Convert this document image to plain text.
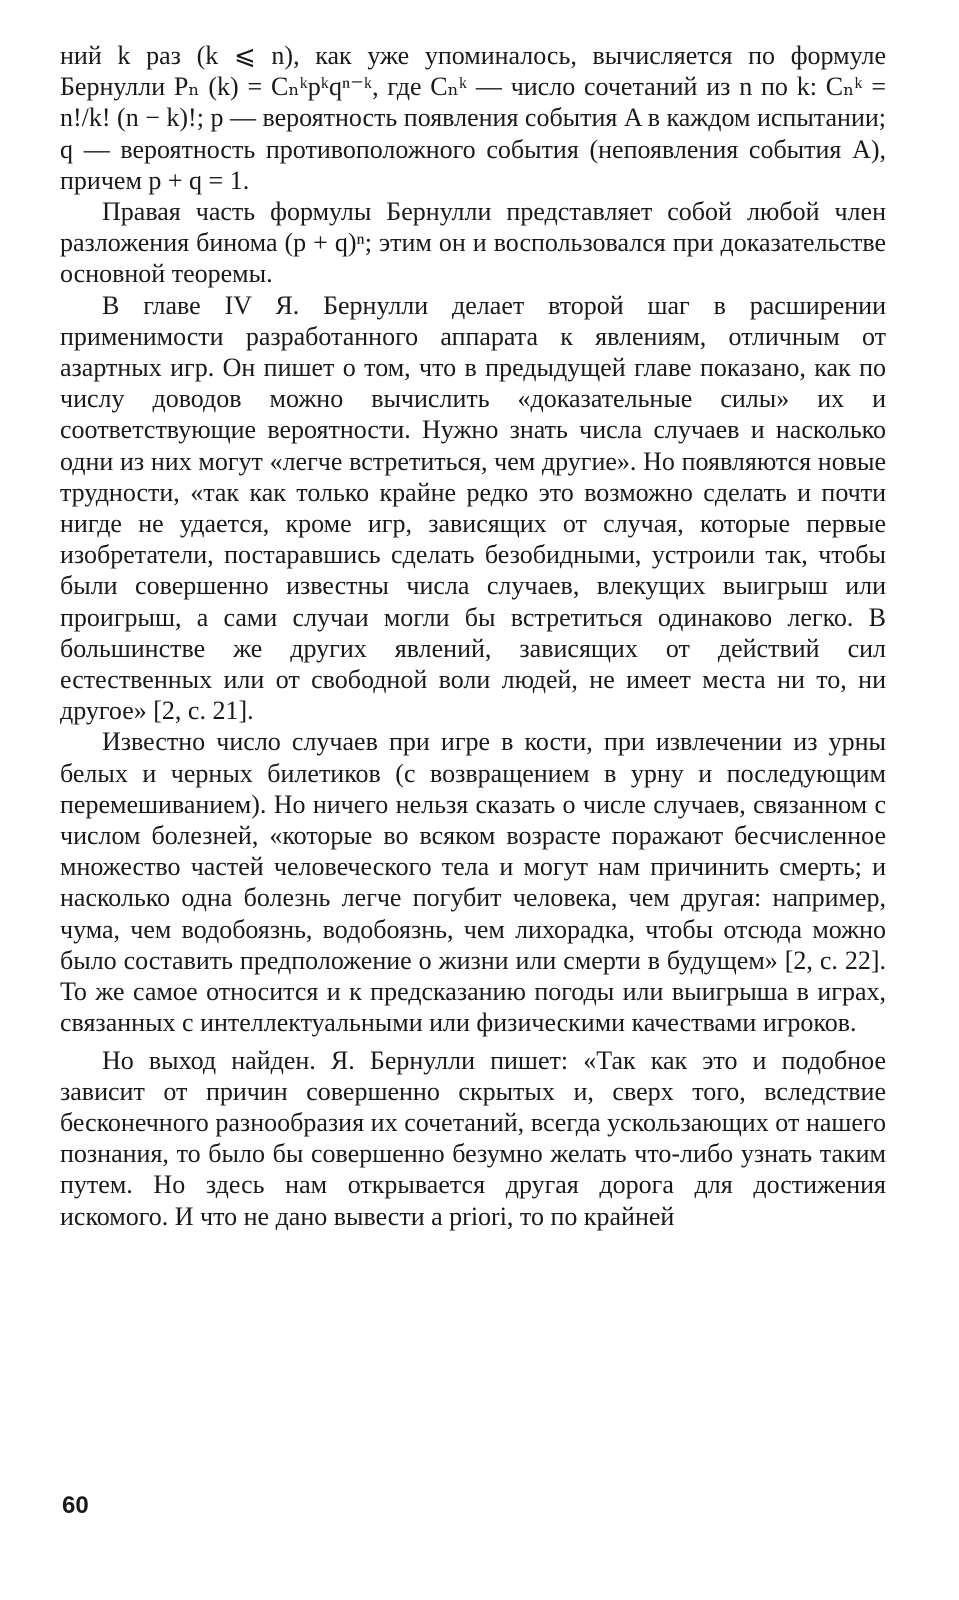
ний k раз (k ⩽ n), как уже упоминалось, вычисляется по формуле Бернулли Pₙ (k) = Cₙᵏpᵏqⁿ⁻ᵏ, где Cₙᵏ — число сочетаний из n по k: Cₙᵏ = n!/k! (n − k)!; p — вероятность появления события A в каждом испытании; q — вероятность противоположного события (непоявления события A), причем p + q = 1.

Правая часть формулы Бернулли представляет собой любой член разложения бинома (p + q)ⁿ; этим он и воспользовался при доказательстве основной теоремы.

В главе IV Я. Бернулли делает второй шаг в расширении применимости разработанного аппарата к явлениям, отличным от азартных игр. Он пишет о том, что в предыдущей главе показано, как по числу доводов можно вычислить «доказательные силы» их и соответствующие вероятности. Нужно знать числа случаев и насколько одни из них могут «легче встретиться, чем другие». Но появляются новые трудности, «так как только крайне редко это возможно сделать и почти нигде не удается, кроме игр, зависящих от случая, которые первые изобретатели, постаравшись сделать безобидными, устроили так, чтобы были совершенно известны числа случаев, влекущих выигрыш или проигрыш, а сами случаи могли бы встретиться одинаково легко. В большинстве же других явлений, зависящих от действий сил естественных или от свободной воли людей, не имеет места ни то, ни другое» [2, с. 21].

Известно число случаев при игре в кости, при извлечении из урны белых и черных билетиков (с возвращением в урну и последующим перемешиванием). Но ничего нельзя сказать о числе случаев, связанном с числом болезней, «которые во всяком возрасте поражают бесчисленное множество частей человеческого тела и могут нам причинить смерть; и насколько одна болезнь легче погубит человека, чем другая: например, чума, чем водобоязнь, водобоязнь, чем лихорадка, чтобы отсюда можно было составить предположение о жизни или смерти в будущем» [2, с. 22]. То же самое относится и к предсказанию погоды или выигрыша в играх, связанных с интеллектуальными или физическими качествами игроков.

Но выход найден. Я. Бернулли пишет: «Так как это и подобное зависит от причин совершенно скрытых и, сверх того, вследствие бесконечного разнообразия их сочетаний, всегда ускользающих от нашего познания, то было бы совершенно безумно желать что-либо узнать таким путем. Но здесь нам открывается другая дорога для достижения искомого. И что не дано вывести a priori, то по крайней

60
